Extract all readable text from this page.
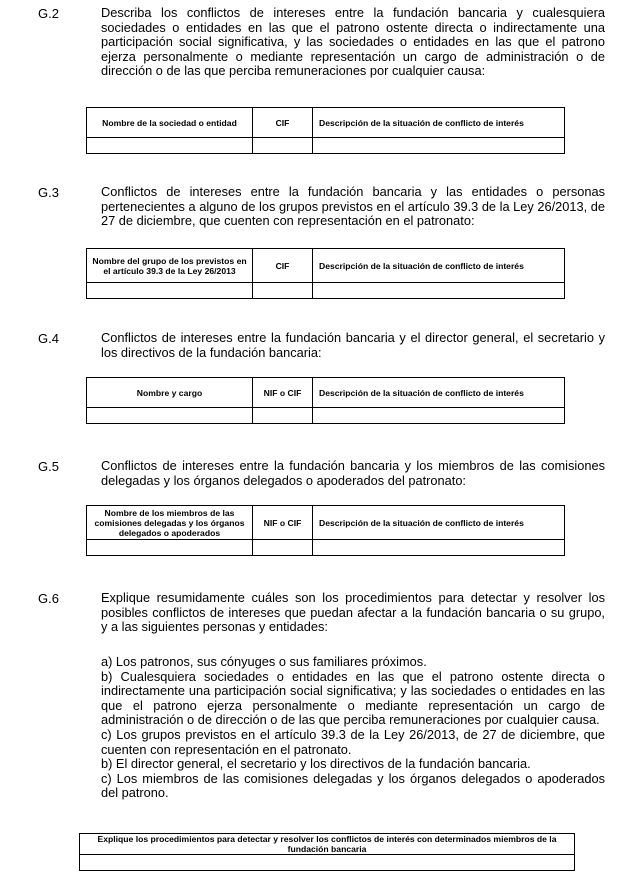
G.2	Describa los conflictos de intereses entre la fundación bancaria y cualesquiera sociedades o entidades en las que el patrono ostente directa o indirectamente una participación social significativa, y las sociedades o entidades en las que el patrono ejerza personalmente o mediante representación un cargo de administración o de dirección o de las que perciba remuneraciones por cualquier causa:
Nombre de la sociedad o entidad	CIF	Descripción de la situación de conflicto de interés

G.3	Conflictos de intereses entre la fundación bancaria y las entidades o personas pertenecientes a alguno de los grupos previstos en el artículo 39.3 de la Ley 26/2013, de 27 de diciembre, que cuenten con representación en el patronato:
Nombre del grupo de los previstos en el artículo 39.3 de la Ley 26/2013	CIF	Descripción de la situación de conflicto de interés

G.4	Conflictos de intereses entre la fundación bancaria y el director general, el secretario y los directivos de la fundación bancaria:
Nombre y cargo	NIF o CIF	Descripción de la situación de conflicto de interés

G.5	Conflictos de intereses entre la fundación bancaria y los miembros de las comisiones delegadas y los órganos delegados o apoderados del patronato:
Nombre de los miembros de las comisiones delegadas y los órganos delegados o apoderados	NIF o CIF	Descripción de la situación de conflicto de interés

G.6	Explique resumidamente cuáles son los procedimientos para detectar y resolver los posibles conflictos de intereses que puedan afectar a la fundación bancaria o su grupo, y a las siguientes personas y entidades:

a) Los patronos, sus cónyuges o sus familiares próximos.

b) Cualesquiera sociedades o entidades en las que el patrono ostente directa o indirectamente una participación social significativa; y las sociedades o entidades en las que el patrono ejerza personalmente o mediante representación un cargo de administración o de dirección o de las que perciba remuneraciones por cualquier causa.

c) Los grupos previstos en el artículo 39.3 de la Ley 26/2013, de 27 de diciembre, que cuenten con representación en el patronato.

b) El director general, el secretario y los directivos de la fundación bancaria.

c) Los miembros de las comisiones delegadas y los órganos delegados o apoderados del patrono.

Explique los procedimientos para detectar y resolver los conflictos de interés con determinados miembros de la fundación bancaria
